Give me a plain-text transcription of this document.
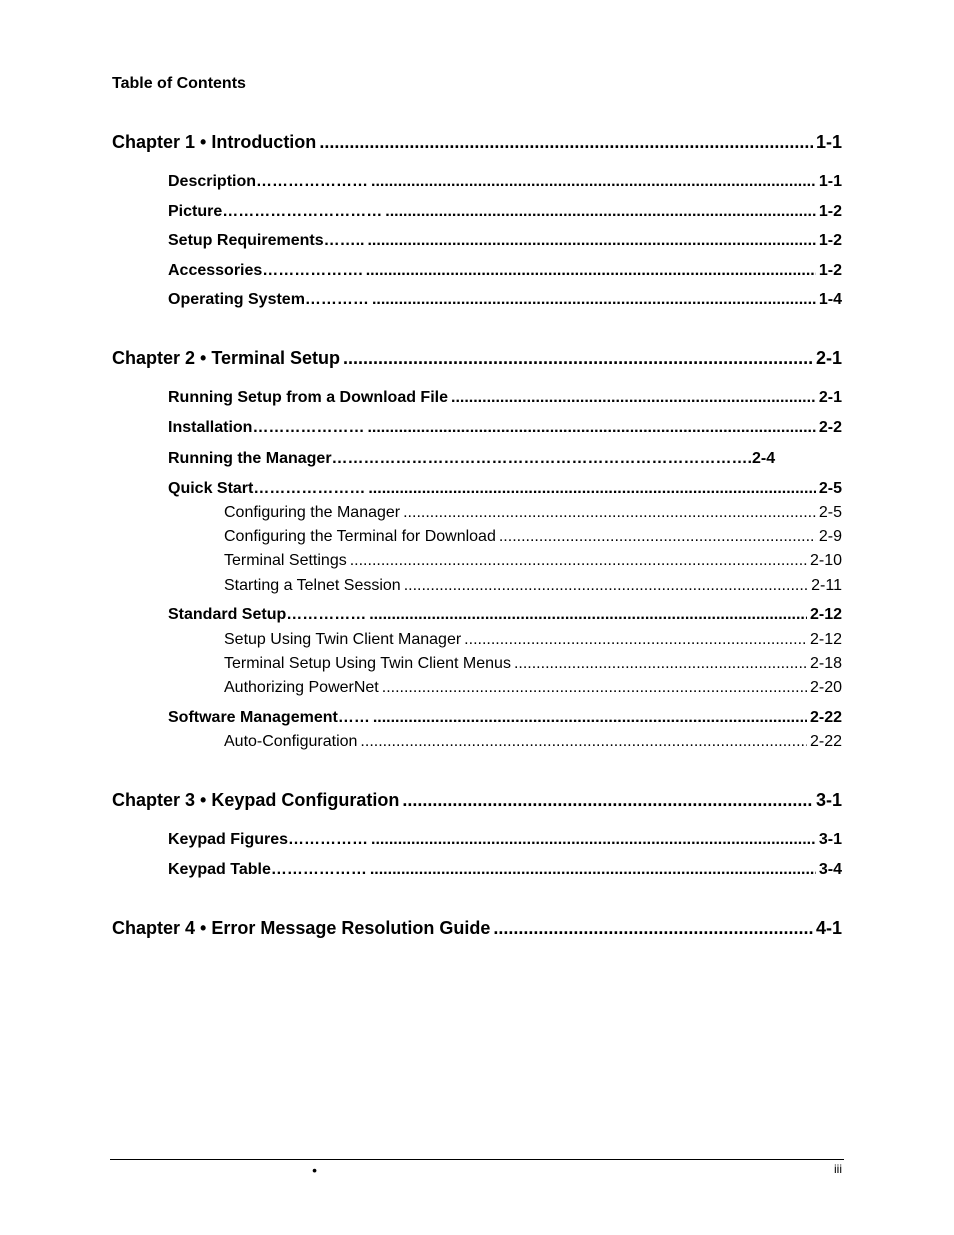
Table of Contents
Chapter 1 • Introduction .....	1-1
Description………………… .....	1-1
Picture………………………… .....	1-2
Setup Requirements…….. .....	1-2
Accessories………………. .....	1-2
Operating System………… .....	1-4
Chapter 2 • Terminal Setup .....	2-1
Running Setup from a Download File .....	2-1
Installation………………… .....	2-2
Running the Manager……………………………………………………………………. 2-4
Quick Start………………… .....	2-5
Configuring the Manager .....	2-5
Configuring the Terminal for Download .....	2-9
Terminal Settings .....	2-10
Starting a Telnet Session .....	2-11
Standard Setup…………… .....	2-12
Setup Using Twin Client Manager .....	2-12
Terminal Setup Using Twin Client Menus .....	2-18
Authorizing PowerNet .....	2-20
Software Management…… .....	2-22
Auto-Configuration .....	2-22
Chapter 3 • Keypad Configuration .....	3-1
Keypad Figures…………… .....	3-1
Keypad Table……………… .....	3-4
Chapter 4 • Error Message Resolution Guide .....	4-1
•	iii
